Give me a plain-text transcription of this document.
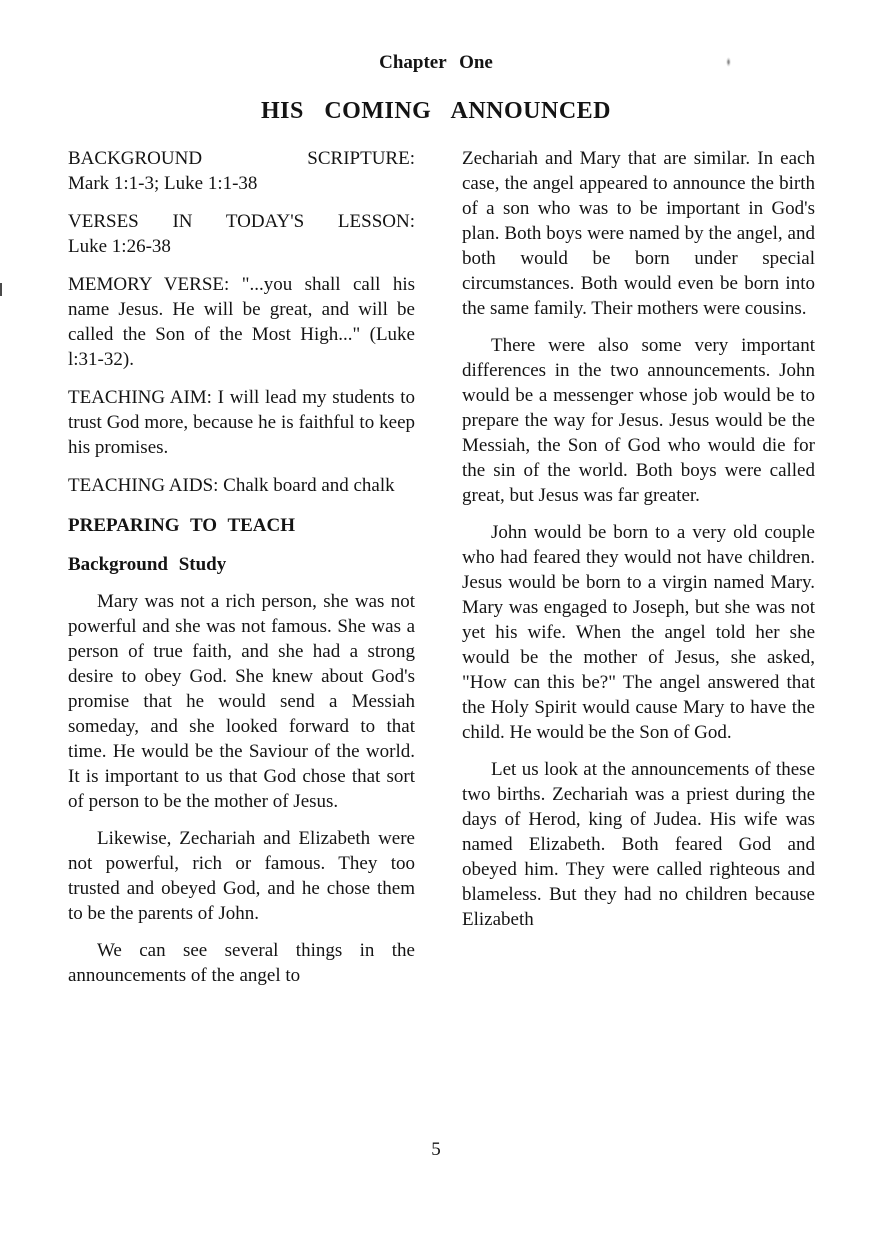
Chapter One
HIS COMING ANNOUNCED
BACKGROUND SCRIPTURE:
Mark 1:1-3; Luke 1:1-38
VERSES IN TODAY'S LESSON:
Luke 1:26-38

MEMORY VERSE: "...you shall call his name Jesus. He will be great, and will be called the Son of the Most High..." (Luke l:31-32).

TEACHING AIM: I will lead my students to trust God more, because he is faithful to keep his promises.

TEACHING AIDS: Chalk board and chalk

PREPARING TO TEACH
Background Study

Mary was not a rich person, she was not powerful and she was not famous. She was a person of true faith, and she had a strong desire to obey God. She knew about God's promise that he would send a Messiah someday, and she looked forward to that time. He would be the Saviour of the world. It is important to us that God chose that sort of person to be the mother of Jesus.

Likewise, Zechariah and Elizabeth were not powerful, rich or famous. They too trusted and obeyed God, and he chose them to be the parents of John.

We can see several things in the announcements of the angel to

Zechariah and Mary that are similar. In each case, the angel appeared to announce the birth of a son who was to be important in God's plan. Both boys were named by the angel, and both would be born under special circumstances. Both would even be born into the same family. Their mothers were cousins.

There were also some very important differences in the two announcements. John would be a messenger whose job would be to prepare the way for Jesus. Jesus would be the Messiah, the Son of God who would die for the sin of the world. Both boys were called great, but Jesus was far greater.

John would be born to a very old couple who had feared they would not have children. Jesus would be born to a virgin named Mary. Mary was engaged to Joseph, but she was not yet his wife. When the angel told her she would be the mother of Jesus, she asked, "How can this be?" The angel answered that the Holy Spirit would cause Mary to have the child. He would be the Son of God.

Let us look at the announcements of these two births. Zechariah was a priest during the days of Herod, king of Judea. His wife was named Elizabeth. Both feared God and obeyed him. They were called righteous and blameless. But they had no children because Elizabeth

5
